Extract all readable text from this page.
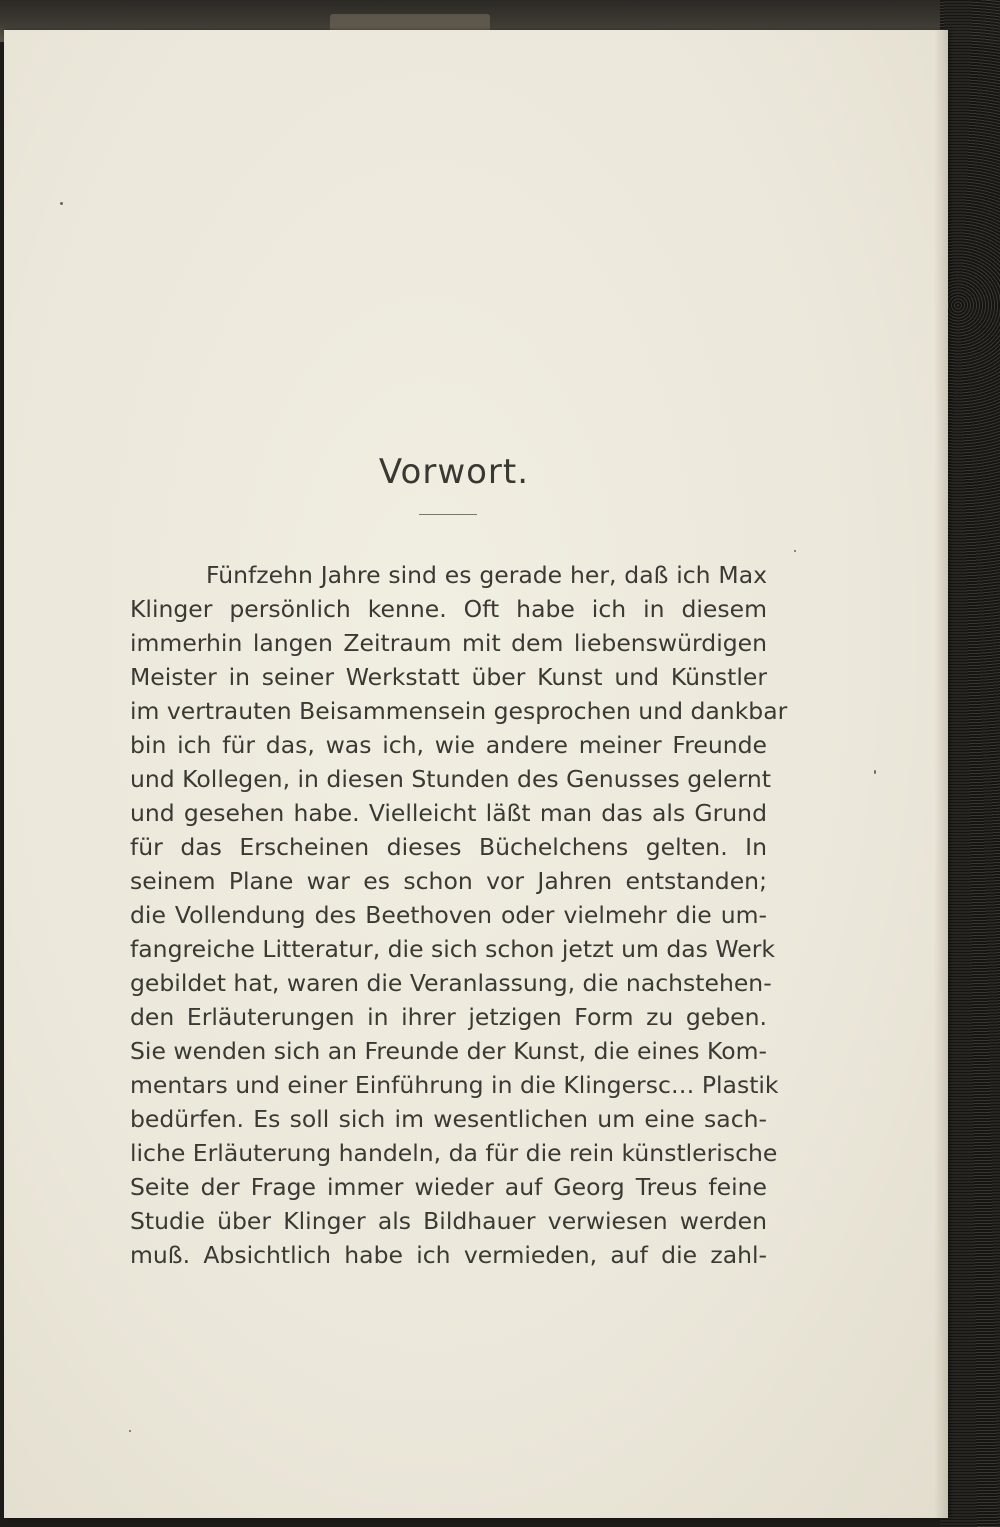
Vorwort.
Fünfzehn Jahre sind es gerade her, daß ich Max
Klinger persönlich kenne. Oft habe ich in diesem
immerhin langen Zeitraum mit dem liebenswürdigen
Meister in seiner Werkstatt über Kunst und Künstler
im vertrauten Beisammensein gesprochen und dankbar
bin ich für das, was ich, wie andere meiner Freunde
und Kollegen, in diesen Stunden des Genusses gelernt
und gesehen habe. Vielleicht läßt man das als Grund
für das Erscheinen dieses Büchelchens gelten. In
seinem Plane war es schon vor Jahren entstanden;
die Vollendung des Beethoven oder vielmehr die um-
fangreiche Litteratur, die sich schon jetzt um das Werk
gebildet hat, waren die Veranlassung, die nachstehen-
den Erläuterungen in ihrer jetzigen Form zu geben.
Sie wenden sich an Freunde der Kunst, die eines Kom-
mentars und einer Einführung in die Klingersc… Plastik
bedürfen. Es soll sich im wesentlichen um eine sach-
liche Erläuterung handeln, da für die rein künstlerische
Seite der Frage immer wieder auf Georg Treus feine
Studie über Klinger als Bildhauer verwiesen werden
muß. Absichtlich habe ich vermieden, auf die zahl-
